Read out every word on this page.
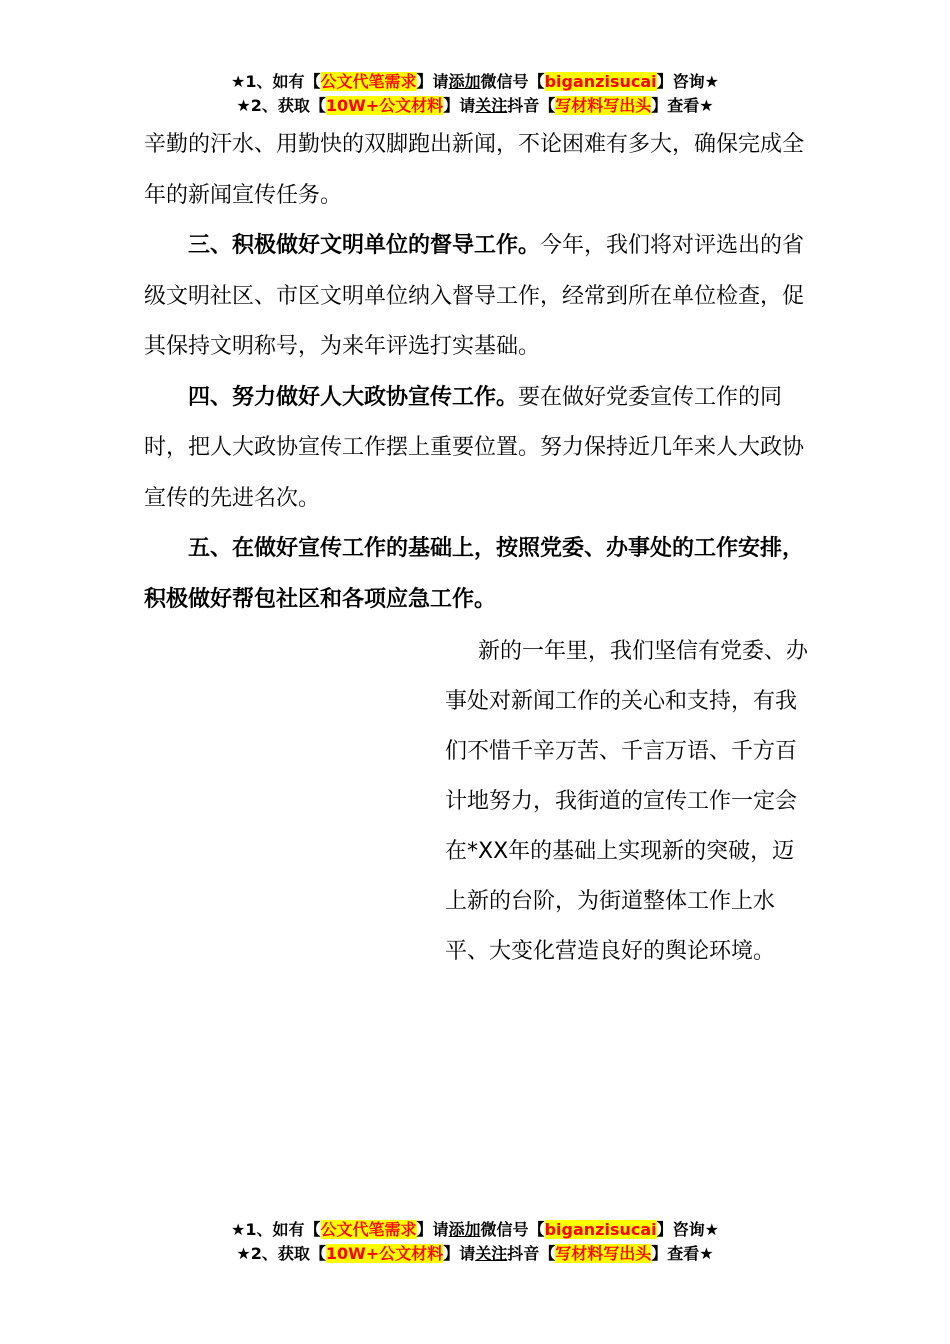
★1、如有【公文代笔需求】请添加微信号【biganzisucai】咨询★
★2、获取【10W+公文材料】请关注抖音【写材料写出头】查看★

辛勤的汗水、用勤快的双脚跑出新闻，不论困难有多大，确保完成全年的新闻宣传任务。

三、积极做好文明单位的督导工作。今年，我们将对评选出的省级文明社区、市区文明单位纳入督导工作，经常到所在单位检查，促其保持文明称号，为来年评选打实基础。

四、努力做好人大政协宣传工作。要在做好党委宣传工作的同时，把人大政协宣传工作摆上重要位置。努力保持近几年来人大政协宣传的先进名次。

五、在做好宣传工作的基础上，按照党委、办事处的工作安排，积极做好帮包社区和各项应急工作。

新的一年里，我们坚信有党委、办事处对新闻工作的关心和支持，有我们不惜千辛万苦、千言万语、千方百计地努力，我街道的宣传工作一定会在*XX年的基础上实现新的突破，迈上新的台阶，为街道整体工作上水平、大变化营造良好的舆论环境。

★1、如有【公文代笔需求】请添加微信号【biganzisucai】咨询★
★2、获取【10W+公文材料】请关注抖音【写材料写出头】查看★
